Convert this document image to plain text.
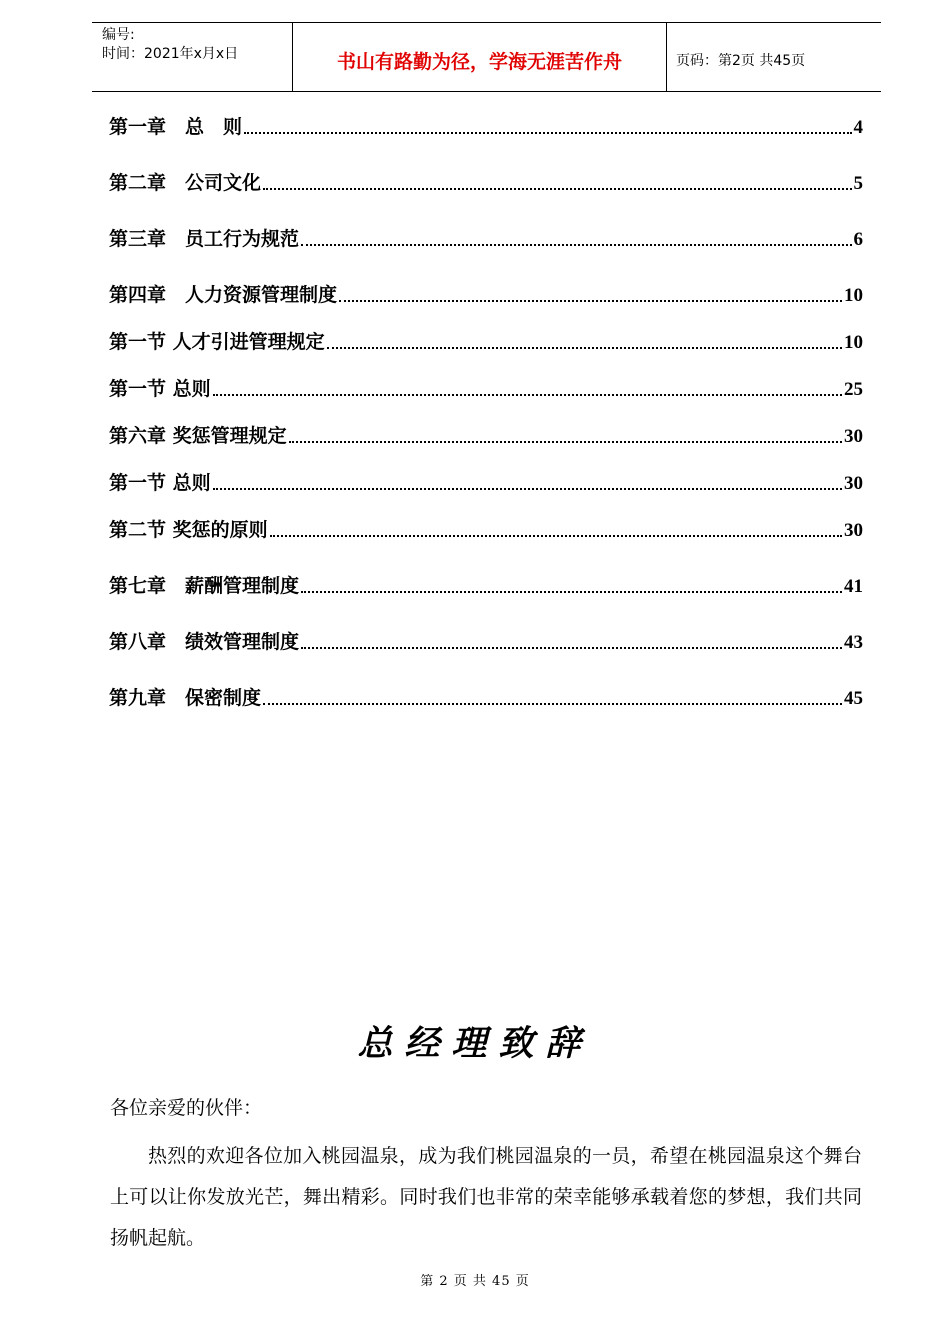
编号:
时间：2021年x月x日	书山有路勤为径，学海无涯苦作舟	页码：第2页 共45页
第一章　总　则	4
第二章　公司文化	5
第三章　员工行为规范	6
第四章　人力资源管理制度	10
第一节 人才引进管理规定	10
第一节 总则	25
第六章 奖惩管理规定	30
第一节 总则	30
第二节 奖惩的原则	30
第七章　薪酬管理制度	41
第八章　绩效管理制度	43
第九章　保密制度	45
总经理致辞
各位亲爱的伙伴：
热烈的欢迎各位加入桃园温泉，成为我们桃园温泉的一员，希望在桃园温泉这个舞台上可以让你发放光芒，舞出精彩。同时我们也非常的荣幸能够承载着您的梦想，我们共同扬帆起航。
第 2 页 共 45 页
